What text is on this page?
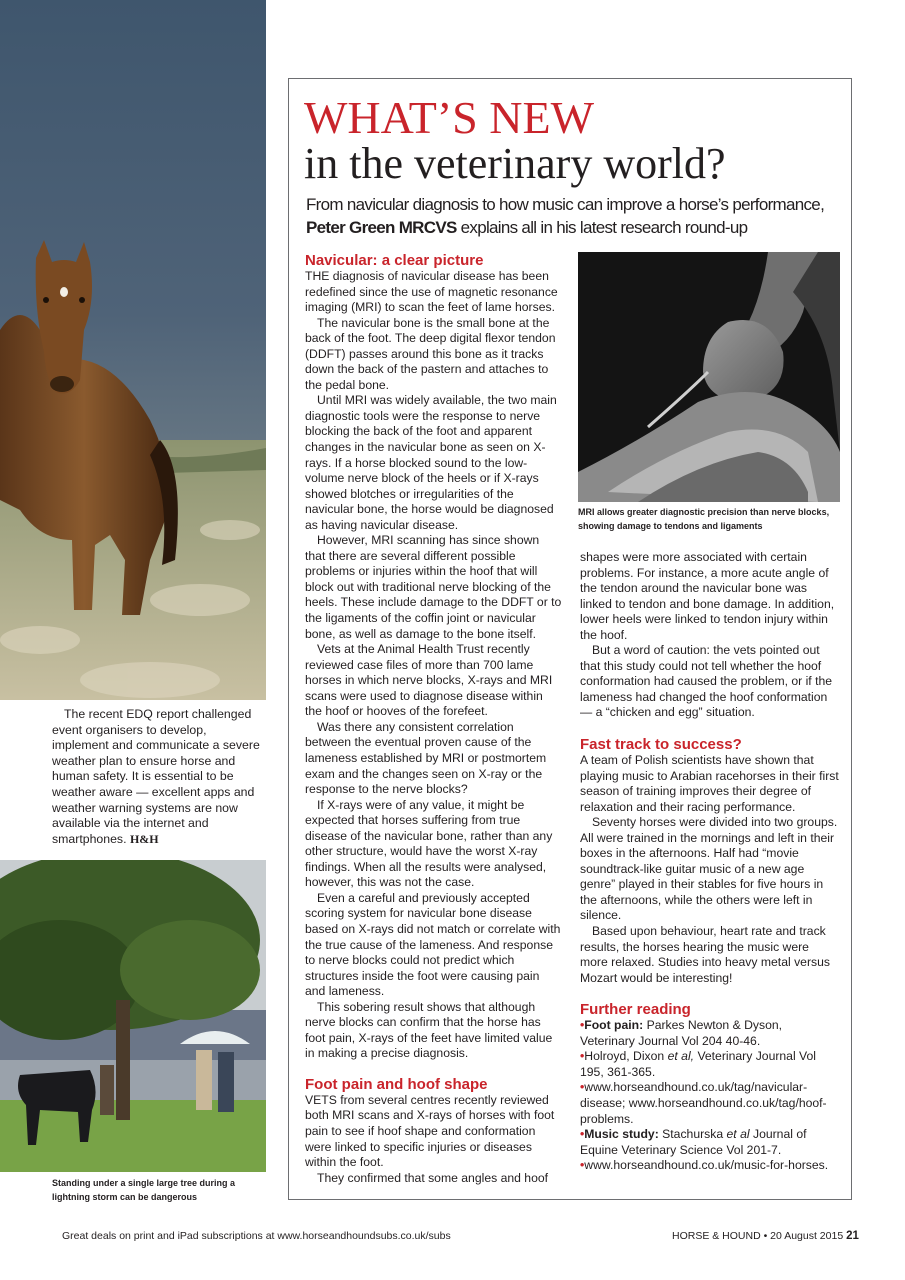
The recent EDQ report challenged event organisers to develop, implement and communicate a severe weather plan to ensure horse and human safety. It is essential to be weather aware — excellent apps and weather warning systems are now available via the internet and smartphones. H&H

Standing under a single large tree during a lightning storm can be dangerous
WHAT’S NEW
in the veterinary world?
From navicular diagnosis to how music can improve a horse’s performance,
Peter Green MRCVS explains all in his latest research round-up
Navicular: a clear picture

THE diagnosis of navicular disease has been redefined since the use of magnetic resonance imaging (MRI) to scan the feet of lame horses.

The navicular bone is the small bone at the back of the foot. The deep digital flexor tendon (DDFT) passes around this bone as it tracks down the back of the pastern and attaches to the pedal bone.

Until MRI was widely available, the two main diagnostic tools were the response to nerve blocking the back of the foot and apparent changes in the navicular bone as seen on X-rays. If a horse blocked sound to the low-volume nerve block of the heels or if X-rays showed blotches or irregularities of the navicular bone, the horse would be diagnosed as having navicular disease.

However, MRI scanning has since shown that there are several different possible problems or injuries within the hoof that will block out with traditional nerve blocking of the heels. These include damage to the DDFT or to the ligaments of the coffin joint or navicular bone, as well as damage to the bone itself.

Vets at the Animal Health Trust recently reviewed case files of more than 700 lame horses in which nerve blocks, X-rays and MRI scans were used to diagnose disease within the hoof or hooves of the forefeet.

Was there any consistent correlation between the eventual proven cause of the lameness established by MRI or postmortem exam and the changes seen on X-ray or the response to the nerve blocks?

If X-rays were of any value, it might be expected that horses suffering from true disease of the navicular bone, rather than any other structure, would have the worst X-ray findings. When all the results were analysed, however, this was not the case.

Even a careful and previously accepted scoring system for navicular bone disease based on X-rays did not match or correlate with the true cause of the lameness. And response to nerve blocks could not predict which structures inside the foot were causing pain and lameness.

This sobering result shows that although nerve blocks can confirm that the horse has foot pain, X-rays of the feet have limited value in making a precise diagnosis.

Foot pain and hoof shape

VETS from several centres recently reviewed both MRI scans and X-rays of horses with foot pain to see if hoof shape and conformation were linked to specific injuries or diseases within the foot.

They confirmed that some angles and hoof

MRI allows greater diagnostic precision than nerve blocks, showing damage to tendons and ligaments

shapes were more associated with certain problems. For instance, a more acute angle of the tendon around the navicular bone was linked to tendon and bone damage. In addition, lower heels were linked to tendon injury within the hoof.

But a word of caution: the vets pointed out that this study could not tell whether the hoof conformation had caused the problem, or if the lameness had changed the hoof conformation — a “chicken and egg” situation.

Fast track to success?

A team of Polish scientists have shown that playing music to Arabian racehorses in their first season of training improves their degree of relaxation and their racing performance.

Seventy horses were divided into two groups. All were trained in the mornings and left in their boxes in the afternoons. Half had “movie soundtrack-like guitar music of a new age genre” played in their stables for five hours in the afternoons, while the others were left in silence.

Based upon behaviour, heart rate and track results, the horses hearing the music were more relaxed. Studies into heavy metal versus Mozart would be interesting!

Further reading

•Foot pain: Parkes Newton & Dyson, Veterinary Journal Vol 204 40-46.

•Holroyd, Dixon et al, Veterinary Journal Vol 195, 361-365.

•www.horseandhound.co.uk/tag/navicular-disease; www.horseandhound.co.uk/tag/hoof-problems.

•Music study: Stachurska et al Journal of Equine Veterinary Science Vol 201-7.

•www.horseandhound.co.uk/music-for-horses.

Great deals on print and iPad subscriptions at www.horseandhoundsubs.co.uk/subs	HORSE & HOUND • 20 August 2015 21
